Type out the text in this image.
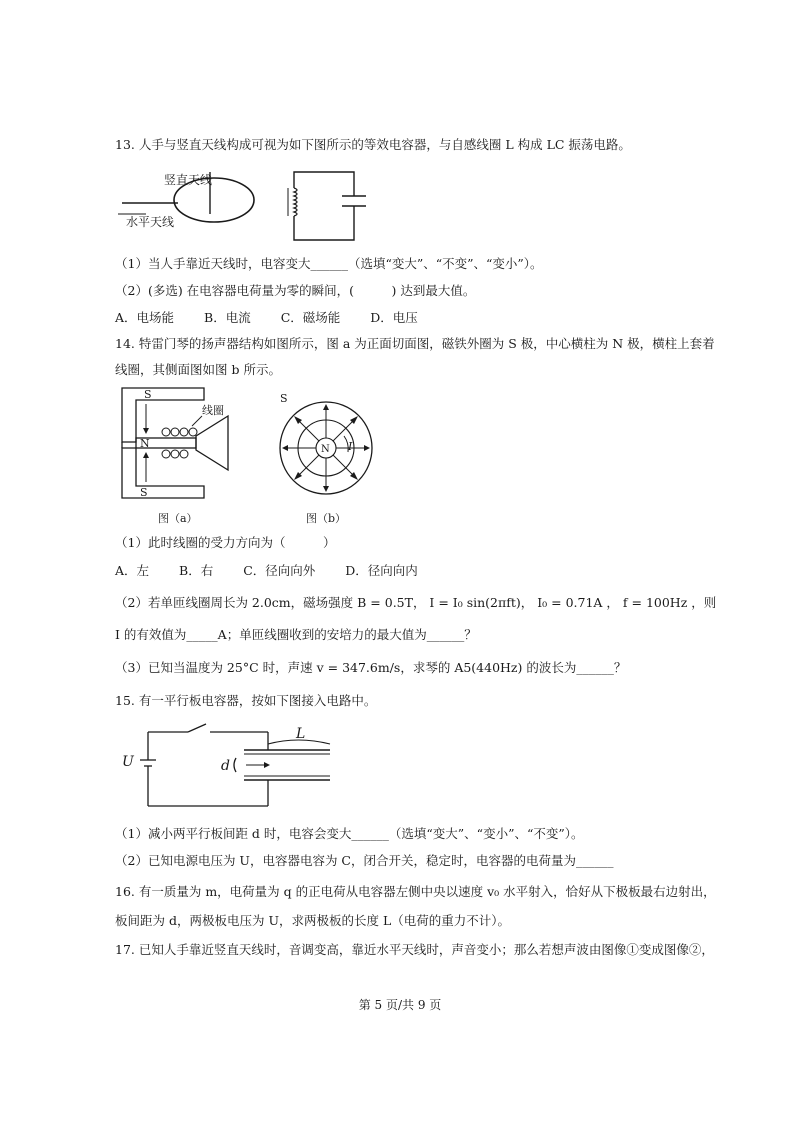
13. 人手与竖直天线构成可视为如下图所示的等效电容器，与自感线圈 L 构成 LC 振荡电路。
竖直天线
水平天线
（1）当人手靠近天线时，电容变大______（选填“变大”、“不变”、“变小”）。
（2）(多选) 在电容器电荷量为零的瞬间，(　　　) 达到最大值。
A．电场能 B．电流 C．磁场能 D．电压
14. 特雷门琴的扬声器结构如图所示，图 a 为正面切面图，磁铁外圈为 S 极，中心横柱为 N 极，横柱上套着
线圈，其侧面图如图 b 所示。
S
N
S
线圈
图（a）
S
N I
图（b）
（1）此时线圈的受力方向为（　　　）
A．左 B．右 C．径向向外 D．径向向内
（2）若单匝线圈周长为 2.0cm，磁场强度 B = 0.5T， I = I₀ sin(2πft)， I₀ = 0.71A ， f = 100Hz ，则
I 的有效值为_____A；单匝线圈收到的安培力的最大值为______？
（3）已知当温度为 25°C 时，声速 v = 347.6m/s，求琴的 A5(440Hz) 的波长为______？
15. 有一平行板电容器，按如下图接入电路中。
U	d
L
（1）减小两平行板间距 d 时，电容会变大______（选填“变大”、“变小”、“不变”）。
（2）已知电源电压为 U，电容器电容为 C，闭合开关，稳定时，电容器的电荷量为______
16. 有一质量为 m，电荷量为 q 的正电荷从电容器左侧中央以速度 v₀ 水平射入，恰好从下极板最右边射出，
板间距为 d，两极板电压为 U，求两极板的长度 L（电荷的重力不计）。
17. 已知人手靠近竖直天线时，音调变高，靠近水平天线时，声音变小；那么若想声波由图像①变成图像②，
第 5 页/共 9 页
